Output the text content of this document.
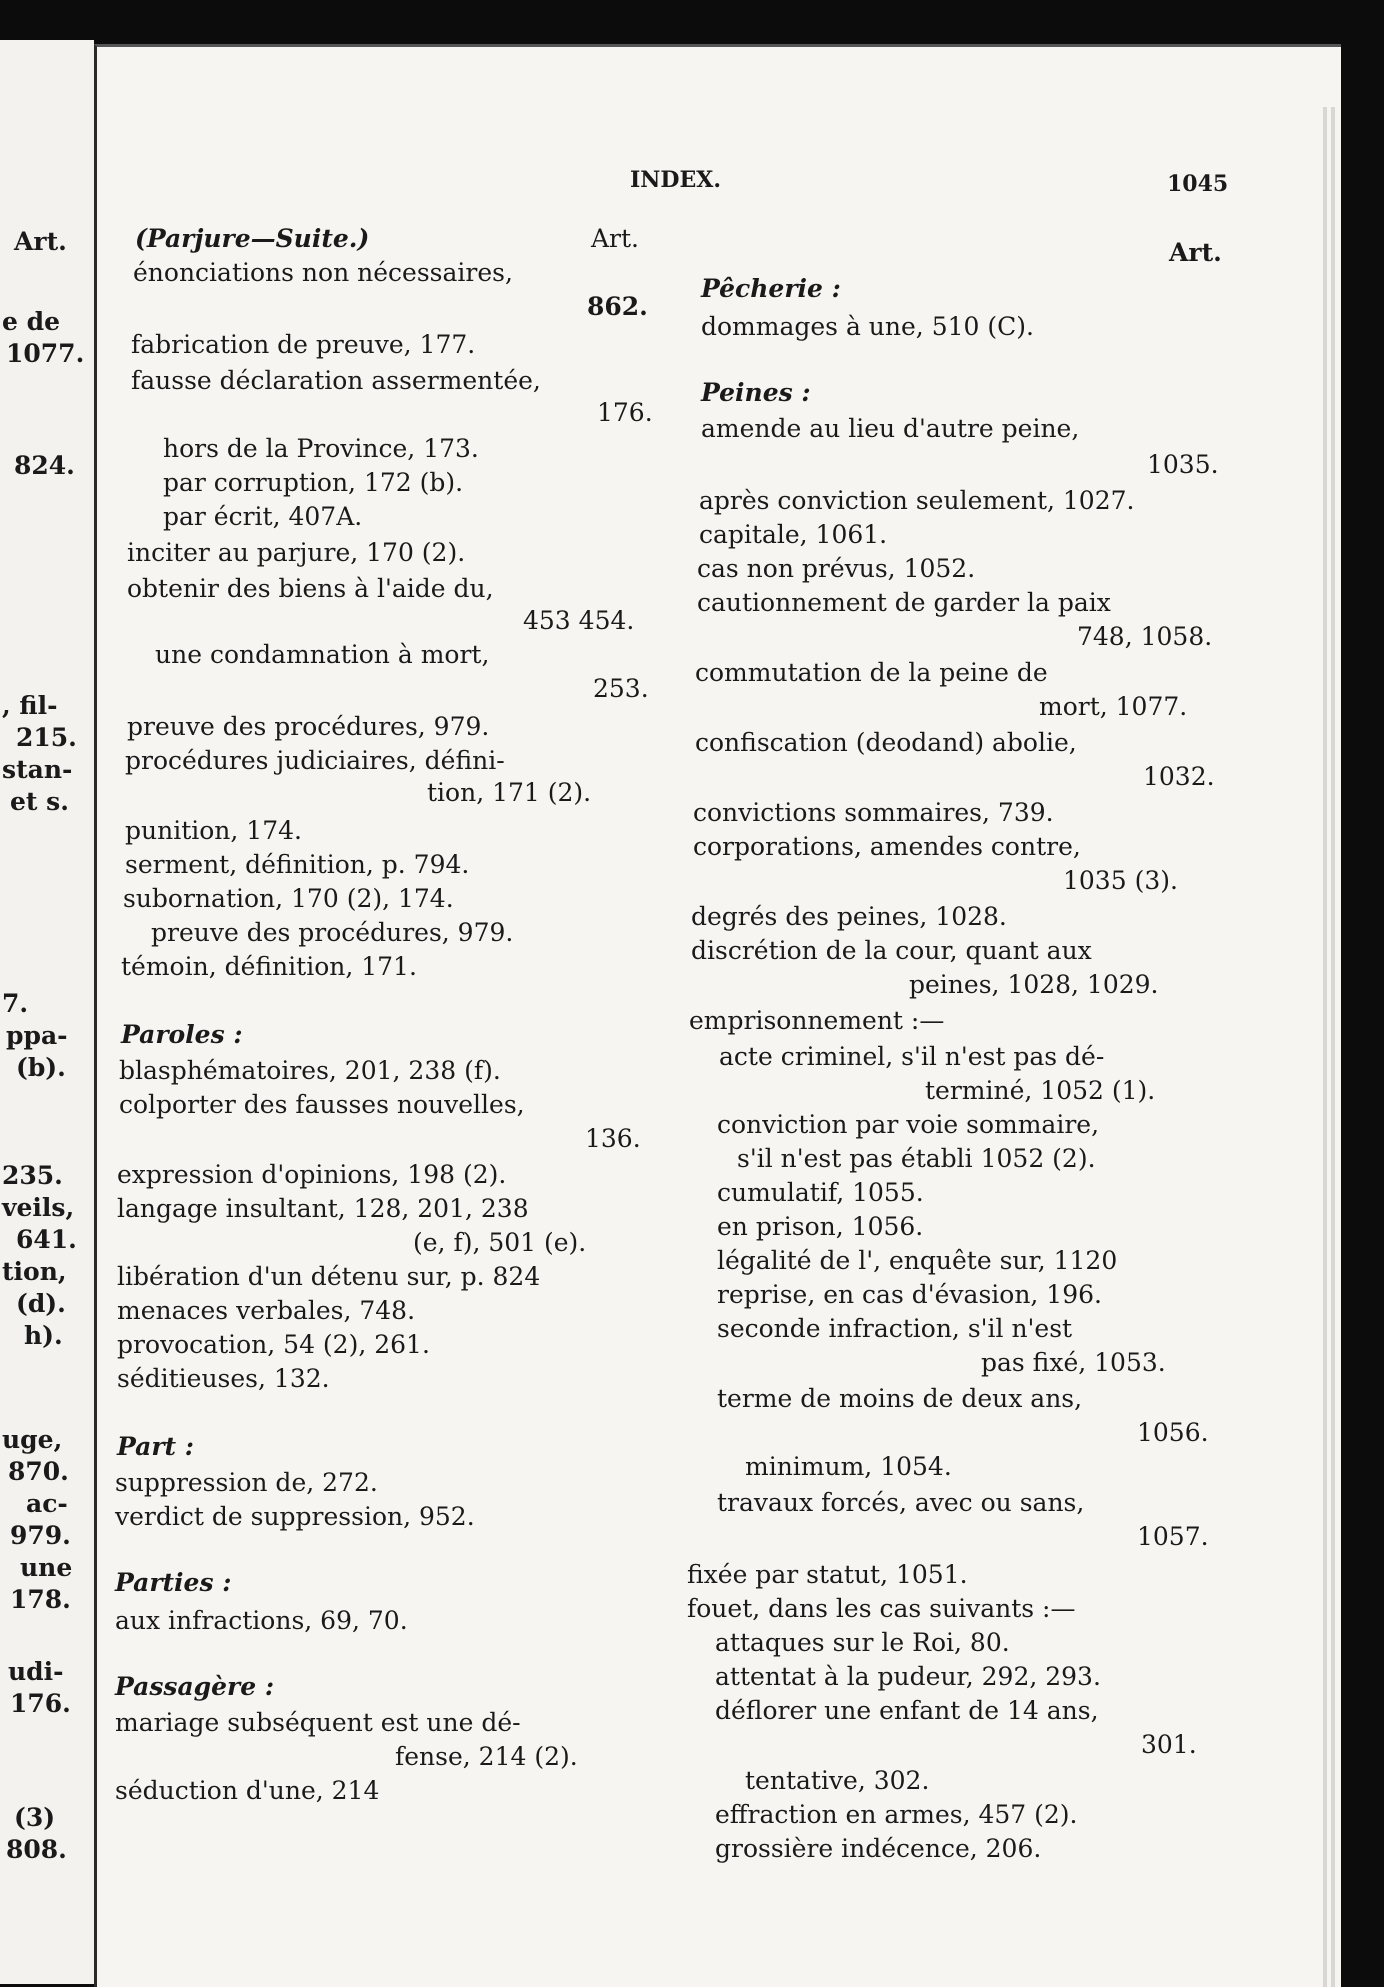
Art.
e de
1077.
824.
, fil-
215.
stan-
et s.
7.
ppa-
(b).
235.
veils,
641.
tion,
(d).
h).
uge,
870.
ac-
979.
une
178.
udi-
176.
(3)
808.
INDEX.	1045
(Parjure—Suite.)	Art.
énonciations non nécessaires,
862.
fabrication de preuve, 177.
fausse déclaration assermentée,
176.
hors de la Province, 173.
par corruption, 172 (b).
par écrit, 407A.
inciter au parjure, 170 (2).
obtenir des biens à l'aide du,
453 454.
une condamnation à mort,
253.
preuve des procédures, 979.
procédures judiciaires, défini-
tion, 171 (2).
punition, 174.
serment, définition, p. 794.
subornation, 170 (2), 174.
preuve des procédures, 979.
témoin, définition, 171.
Paroles :
blasphématoires, 201, 238 (f).
colporter des fausses nouvelles,
136.
expression d'opinions, 198 (2).
langage insultant, 128, 201, 238
(e, f), 501 (e).
libération d'un détenu sur, p. 824
menaces verbales, 748.
provocation, 54 (2), 261.
séditieuses, 132.
Part :
suppression de, 272.
verdict de suppression, 952.
Parties :
aux infractions, 69, 70.
Passagère :
mariage subséquent est une dé-
fense, 214 (2).
séduction d'une, 214
Art.
Pêcherie :
dommages à une, 510 (C).
Peines :
amende au lieu d'autre peine,
1035.
après conviction seulement, 1027.
capitale, 1061.
cas non prévus, 1052.
cautionnement de garder la paix
748, 1058.
commutation de la peine de
mort, 1077.
confiscation (deodand) abolie,
1032.
convictions sommaires, 739.
corporations, amendes contre,
1035 (3).
degrés des peines, 1028.
discrétion de la cour, quant aux
peines, 1028, 1029.
emprisonnement :—
acte criminel, s'il n'est pas dé-
terminé, 1052 (1).
conviction par voie sommaire,
s'il n'est pas établi 1052 (2).
cumulatif, 1055.
en prison, 1056.
légalité de l', enquête sur, 1120
reprise, en cas d'évasion, 196.
seconde infraction, s'il n'est
pas fixé, 1053.
terme de moins de deux ans,
1056.
minimum, 1054.
travaux forcés, avec ou sans,
1057.
fixée par statut, 1051.
fouet, dans les cas suivants :—
attaques sur le Roi, 80.
attentat à la pudeur, 292, 293.
déflorer une enfant de 14 ans,
301.
tentative, 302.
effraction en armes, 457 (2).
grossière indécence, 206.
